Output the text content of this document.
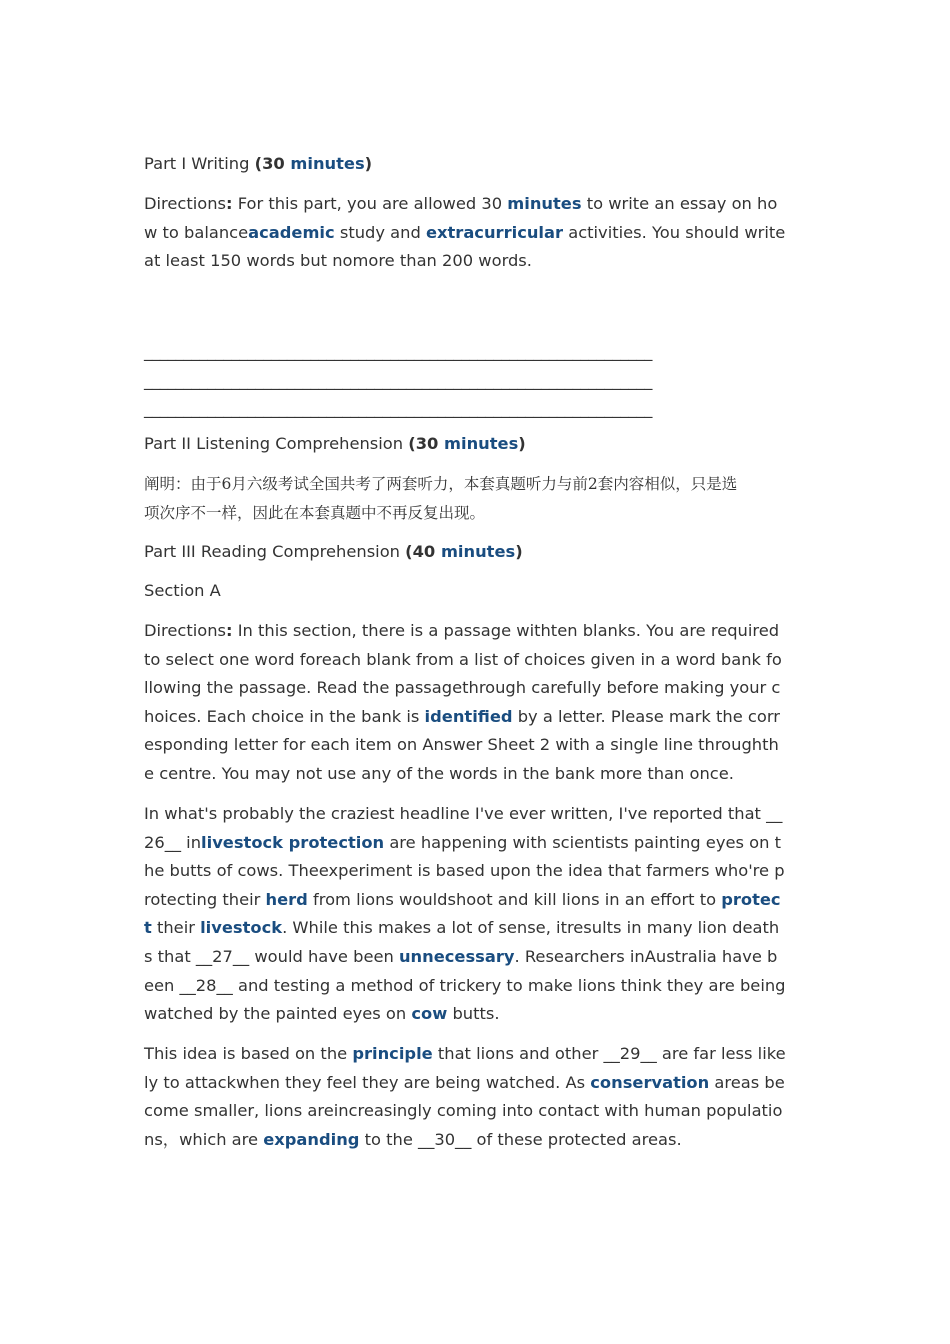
Part I Writing (30 minutes)
Directions: For this part, you are allowed 30 minutes to write an essay on ho
w to balanceacademic study and extracurricular activities. You should write
at least 150 words but nomore than 200 words.
________________________________________________________________
________________________________________________________________
________________________________________________________________
Part II Listening Comprehension (30 minutes)
阐明：由于6月六级考试全国共考了两套听力，本套真题听力与前2套内容相似，只是选
项次序不一样，因此在本套真题中不再反复出现。
Part III Reading Comprehension (40 minutes)
Section A
Directions: In this section, there is a passage withten blanks. You are required
to select one word foreach blank from a list of choices given in a word bank fo
llowing the passage. Read the passagethrough carefully before making your c
hoices. Each choice in the bank is identified by a letter. Please mark the corr
esponding letter for each item on Answer Sheet 2 with a single line throughth
e centre. You may not use any of the words in the bank more than once.
In what's probably the craziest headline I've ever written, I've reported that __
26__ inlivestock protection are happening with scientists painting eyes on t
he butts of cows. Theexperiment is based upon the idea that farmers who're p
rotecting their herd from lions wouldshoot and kill lions in an effort to protec
t their livestock. While this makes a lot of sense, itresults in many lion death
s that __27__ would have been unnecessary. Researchers inAustralia have b
een __28__ and testing a method of trickery to make lions think they are being
watched by the painted eyes on cow butts.
This idea is based on the principle that lions and other __29__ are far less like
ly to attackwhen they feel they are being watched. As conservation areas be
come smaller, lions areincreasingly coming into contact with human populatio
ns，which are expanding to the __30__ of these protected areas.
